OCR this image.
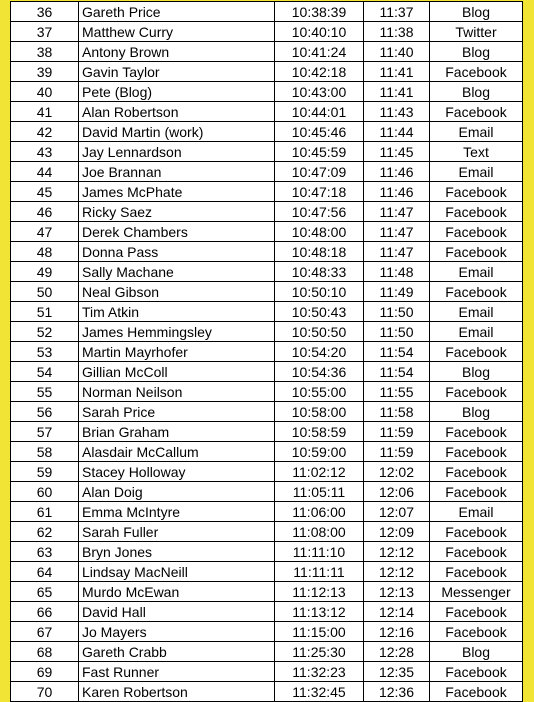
36	Gareth Price	10:38:39	11:37	Blog
37	Matthew Curry	10:40:10	11:38	Twitter
38	Antony Brown	10:41:24	11:40	Blog
39	Gavin Taylor	10:42:18	11:41	Facebook
40	Pete (Blog)	10:43:00	11:41	Blog
41	Alan Robertson	10:44:01	11:43	Facebook
42	David Martin (work)	10:45:46	11:44	Email
43	Jay Lennardson	10:45:59	11:45	Text
44	Joe Brannan	10:47:09	11:46	Email
45	James McPhate	10:47:18	11:46	Facebook
46	Ricky Saez	10:47:56	11:47	Facebook
47	Derek Chambers	10:48:00	11:47	Facebook
48	Donna Pass	10:48:18	11:47	Facebook
49	Sally Machane	10:48:33	11:48	Email
50	Neal Gibson	10:50:10	11:49	Facebook
51	Tim Atkin	10:50:43	11:50	Email
52	James Hemmingsley	10:50:50	11:50	Email
53	Martin Mayrhofer	10:54:20	11:54	Facebook
54	Gillian McColl	10:54:36	11:54	Blog
55	Norman Neilson	10:55:00	11:55	Facebook
56	Sarah Price	10:58:00	11:58	Blog
57	Brian Graham	10:58:59	11:59	Facebook
58	Alasdair McCallum	10:59:00	11:59	Facebook
59	Stacey Holloway	11:02:12	12:02	Facebook
60	Alan Doig	11:05:11	12:06	Facebook
61	Emma McIntyre	11:06:00	12:07	Email
62	Sarah Fuller	11:08:00	12:09	Facebook
63	Bryn Jones	11:11:10	12:12	Facebook
64	Lindsay MacNeill	11:11:11	12:12	Facebook
65	Murdo McEwan	11:12:13	12:13	Messenger
66	David Hall	11:13:12	12:14	Facebook
67	Jo Mayers	11:15:00	12:16	Facebook
68	Gareth Crabb	11:25:30	12:28	Blog
69	Fast Runner	11:32:23	12:35	Facebook
70	Karen Robertson	11:32:45	12:36	Facebook
